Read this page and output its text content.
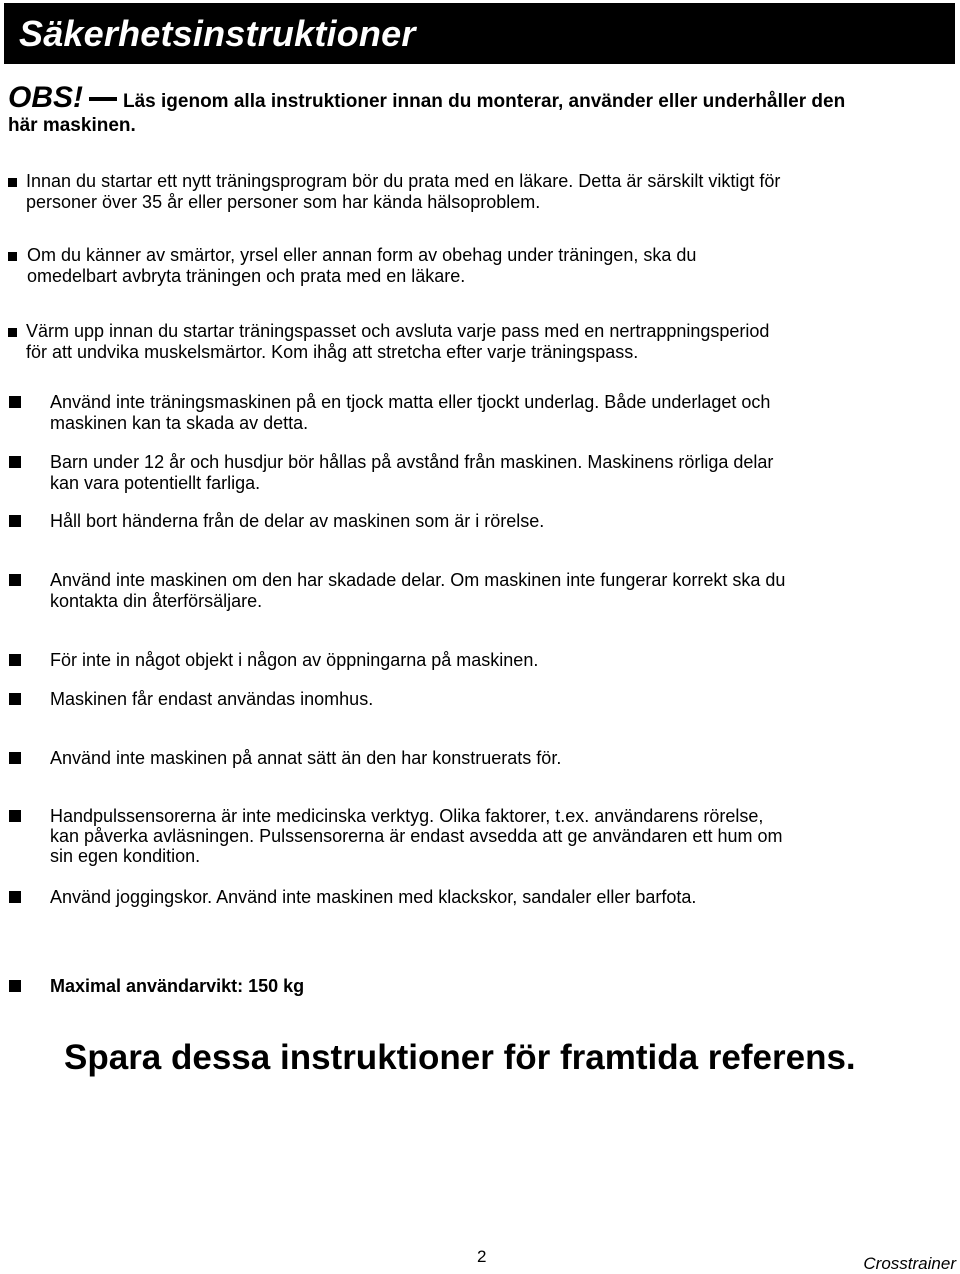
Säkerhetsinstruktioner
OBS! Läs igenom alla instruktioner innan du monterar, använder eller underhåller den
här maskinen.
Innan du startar ett nytt träningsprogram bör du prata med en läkare. Detta är särskilt viktigt för
personer över 35 år eller personer som har kända hälsoproblem.
Om du känner av smärtor, yrsel eller annan form av obehag under träningen, ska du
omedelbart avbryta träningen och prata med en läkare.
Värm upp innan du startar träningspasset och avsluta varje pass med en nertrappningsperiod
för att undvika muskelsmärtor. Kom ihåg att stretcha efter varje träningspass.
Använd inte träningsmaskinen på en tjock matta eller tjockt underlag. Både underlaget och
maskinen kan ta skada av detta.
Barn under 12 år och husdjur bör hållas på avstånd från maskinen. Maskinens rörliga delar
kan vara potentiellt farliga.
Håll bort händerna från de delar av maskinen som är i rörelse.
Använd inte maskinen om den har skadade delar. Om maskinen inte fungerar korrekt ska du
kontakta din återförsäljare.
För inte in något objekt i någon av öppningarna på maskinen.
Maskinen får endast användas inomhus.
Använd inte maskinen på annat sätt än den har konstruerats för.
Handpulssensorerna är inte medicinska verktyg. Olika faktorer, t.ex. användarens rörelse,
kan påverka avläsningen. Pulssensorerna är endast avsedda att ge användaren ett hum om
sin egen kondition.
Använd joggingskor. Använd inte maskinen med klackskor, sandaler eller barfota.
Maximal användarvikt: 150 kg
Spara dessa instruktioner för framtida referens.
2	Crosstrainer
